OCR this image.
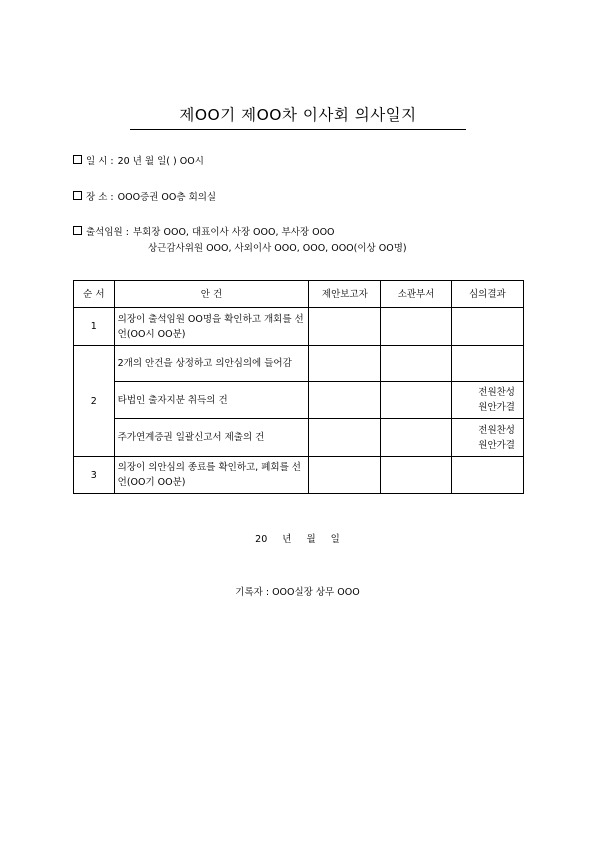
제OO기 제OO차 이사회 의사일지
일 시 : 20 년 월 일( ) OO시
장 소 : OOO증권 OO층 회의실
출석임원 : 부회장 OOO, 대표이사 사장 OOO, 부사장 OOO
상근감사위원 OOO, 사외이사 OOO, OOO, OOO(이상 OO명)
순 서	안 건	제안보고자	소관부서	심의결과
1	의장이 출석임원 OO명을 확인하고 개회를 선언(OO시 OO분)			
2	2개의 안건을 상정하고 의안심의에 들어감			
	타법인 출자지분 취득의 건			전원찬성
원안가결

	주가연계증권 일괄신고서 제출의 건			전원찬성
원안가결

3	의장이 의안심의 종료를 확인하고, 폐회를 선언(OO기 OO분)			
20 년 월 일
기록자 : OOO실장 상무 OOO
